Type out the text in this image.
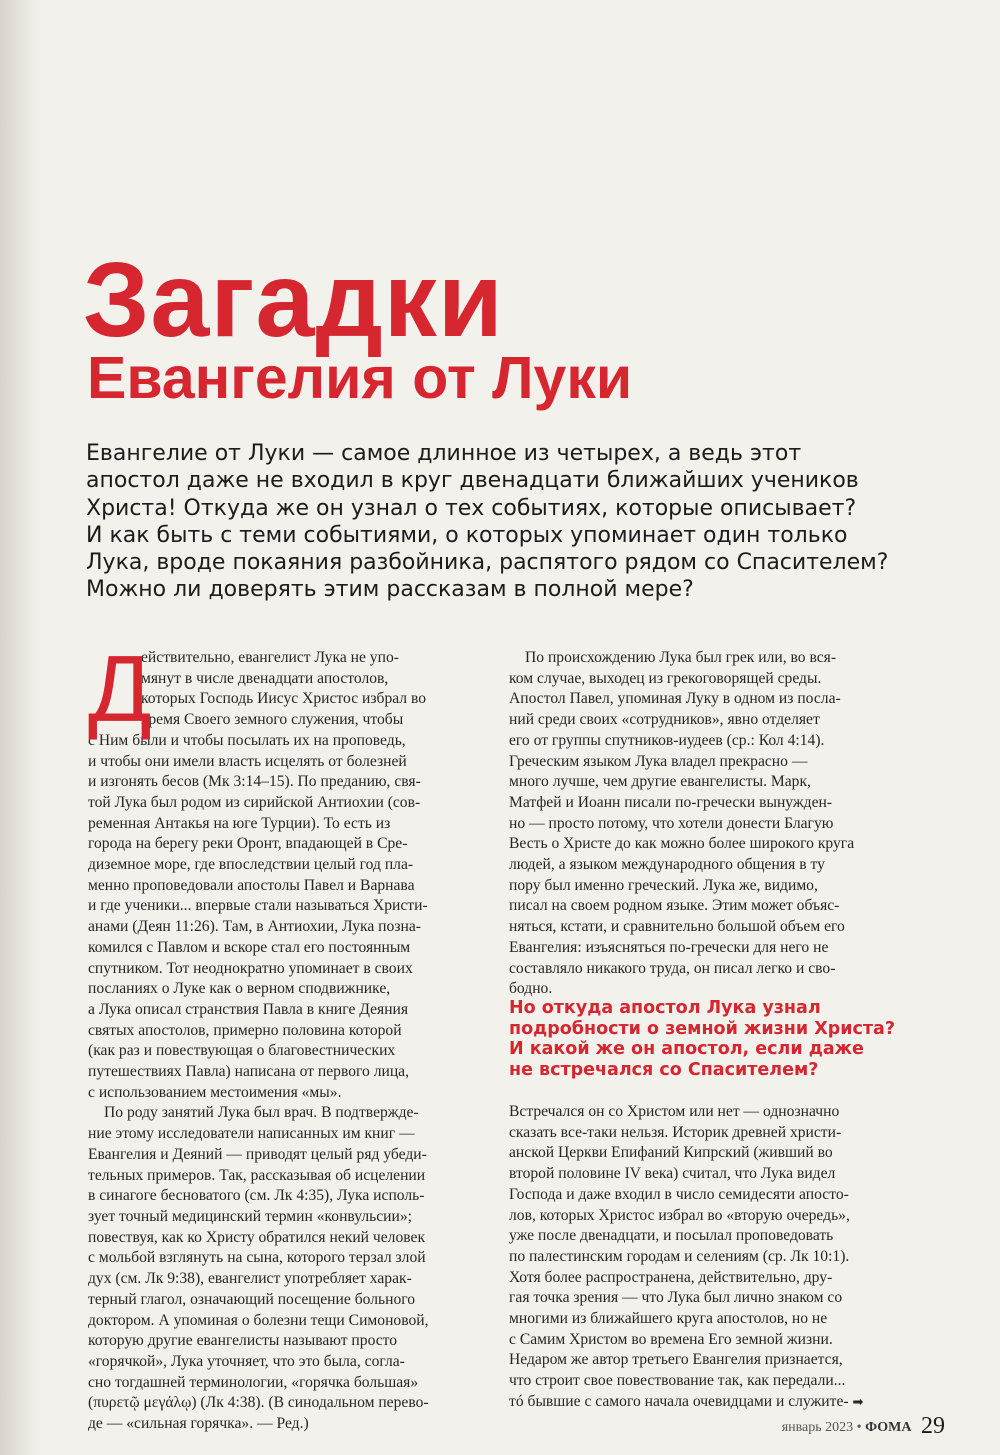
Загадки
Евангелия от Луки

Евангелие от Луки — самое длинное из четырех, а ведь этот
апостол даже не входил в круг двенадцати ближайших учеников
Христа! Откуда же он узнал о тех событиях, которые описывает?
И как быть с теми событиями, о которых упоминает один только
Лука, вроде покаяния разбойника, распятого рядом со Спасителем?
Можно ли доверять этим рассказам в полной мере?

Д
ействительно, евангелист Лука не упо-
мянут в числе двенадцати апостолов,
которых Господь Иисус Христос избрал во
время Своего земного служения, чтобы
с Ним были и чтобы посылать их на проповедь,
и чтобы они имели власть исцелять от болезней
и изгонять бесов (Мк 3:14–15). По преданию, свя-
той Лука был родом из сирийской Антиохии (сов-
ременная Антакья на юге Турции). То есть из
города на берегу реки Оронт, впадающей в Сре-
диземное море, где впоследствии целый год пла-
менно проповедовали апостолы Павел и Варнава
и где ученики... впервые стали называться Христи-
анами (Деян 11:26). Там, в Антиохии, Лука позна-
комился с Павлом и вскоре стал его постоянным
спутником. Тот неоднократно упоминает в своих
посланиях о Луке как о верном сподвижнике,
а Лука описал странствия Павла в книге Деяния
святых апостолов, примерно половина которой
(как раз и повествующая о благовестнических
путешествиях Павла) написана от первого лица,
с использованием местоимения «мы».
По роду занятий Лука был врач. В подтвержде-
ние этому исследователи написанных им книг —
Евангелия и Деяний — приводят целый ряд убеди-
тельных примеров. Так, рассказывая об исцелении
в синагоге бесноватого (см. Лк 4:35), Лука исполь-
зует точный медицинский термин «конвульсии»;
повествуя, как ко Христу обратился некий человек
с мольбой взглянуть на сына, которого терзал злой
дух (см. Лк 9:38), евангелист употребляет харак-
терный глагол, означающий посещение больного
доктором. А упоминая о болезни тещи Симоновой,
которую другие евангелисты называют просто
«горячкой», Лука уточняет, что это была, согла-
сно тогдашней терминологии, «горячка большая»
(πυρετῷ μεγάλῳ) (Лк 4:38). (В синодальном перево-
де — «сильная горячка». — Ред.)
По происхождению Лука был грек или, во вся-
ком случае, выходец из грекоговорящей среды.
Апостол Павел, упоминая Луку в одном из посла-
ний среди своих «сотрудников», явно отделяет
его от группы спутников-иудеев (ср.: Кол 4:14).
Греческим языком Лука владел прекрасно —
много лучше, чем другие евангелисты. Марк,
Матфей и Иоанн писали по-гречески вынужден-
но — просто потому, что хотели донести Благую
Весть о Христе до как можно более широкого круга
людей, а языком международного общения в ту
пору был именно греческий. Лука же, видимо,
писал на своем родном языке. Этим может объяс-
няться, кстати, и сравнительно большой объем его
Евангелия: изъясняться по-гречески для него не
составляло никакого труда, он писал легко и сво-
бодно.
Но откуда апостол Лука узнал
подробности о земной жизни Христа?
И какой же он апостол, если даже
не встречался со Спасителем?
Встречался он со Христом или нет — однозначно
сказать все-таки нельзя. Историк древней христи-
анской Церкви Епифаний Кипрский (живший во
второй половине IV века) считал, что Лука видел
Господа и даже входил в число семидесяти апосто-
лов, которых Христос избрал во «вторую очередь»,
уже после двенадцати, и посылал проповедовать
по палестинским городам и селениям (ср. Лк 10:1).
Хотя более распространена, действительно, дру-
гая точка зрения — что Лука был лично знаком со
многими из ближайшего круга апостолов, но не
с Самим Христом во времена Его земной жизни.
Недаром же автор третьего Евангелия признается,
что строит свое повествование так, как передали...
тó бывшие с самого начала очевидцами и служите- ➡
январь 2023 • ФОМА 29
